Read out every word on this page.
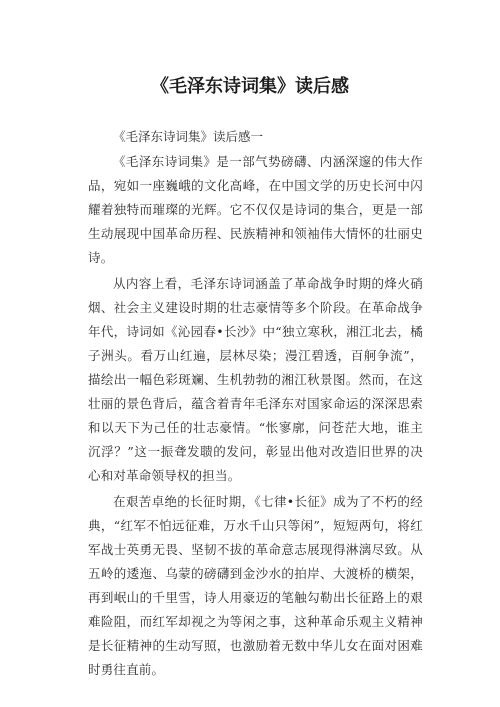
《毛泽东诗词集》读后感

《毛泽东诗词集》读后感一

《毛泽东诗词集》是一部气势磅礴、内涵深邃的伟大作品，宛如一座巍峨的文化高峰，在中国文学的历史长河中闪耀着独特而璀璨的光辉。它不仅仅是诗词的集合，更是一部生动展现中国革命历程、民族精神和领袖伟大情怀的壮丽史诗。

从内容上看，毛泽东诗词涵盖了革命战争时期的烽火硝烟、社会主义建设时期的壮志豪情等多个阶段。在革命战争年代，诗词如《沁园春•长沙》中“独立寒秋，湘江北去，橘子洲头。看万山红遍，层林尽染；漫江碧透，百舸争流”，描绘出一幅色彩斑斓、生机勃勃的湘江秋景图。然而，在这壮丽的景色背后，蕴含着青年毛泽东对国家命运的深深思索和以天下为己任的壮志豪情。“怅寥廓，问苍茫大地，谁主沉浮？”这一振聋发聩的发问，彰显出他对改造旧世界的决心和对革命领导权的担当。

在艰苦卓绝的长征时期，《七律•长征》成为了不朽的经典，“红军不怕远征难，万水千山只等闲”，短短两句，将红军战士英勇无畏、坚韧不拔的革命意志展现得淋漓尽致。从五岭的逶迤、乌蒙的磅礴到金沙水的拍岸、大渡桥的横架，再到岷山的千里雪，诗人用豪迈的笔触勾勒出长征路上的艰难险阻，而红军却视之为等闲之事，这种革命乐观主义精神是长征精神的生动写照，也激励着无数中华儿女在面对困难时勇往直前。
